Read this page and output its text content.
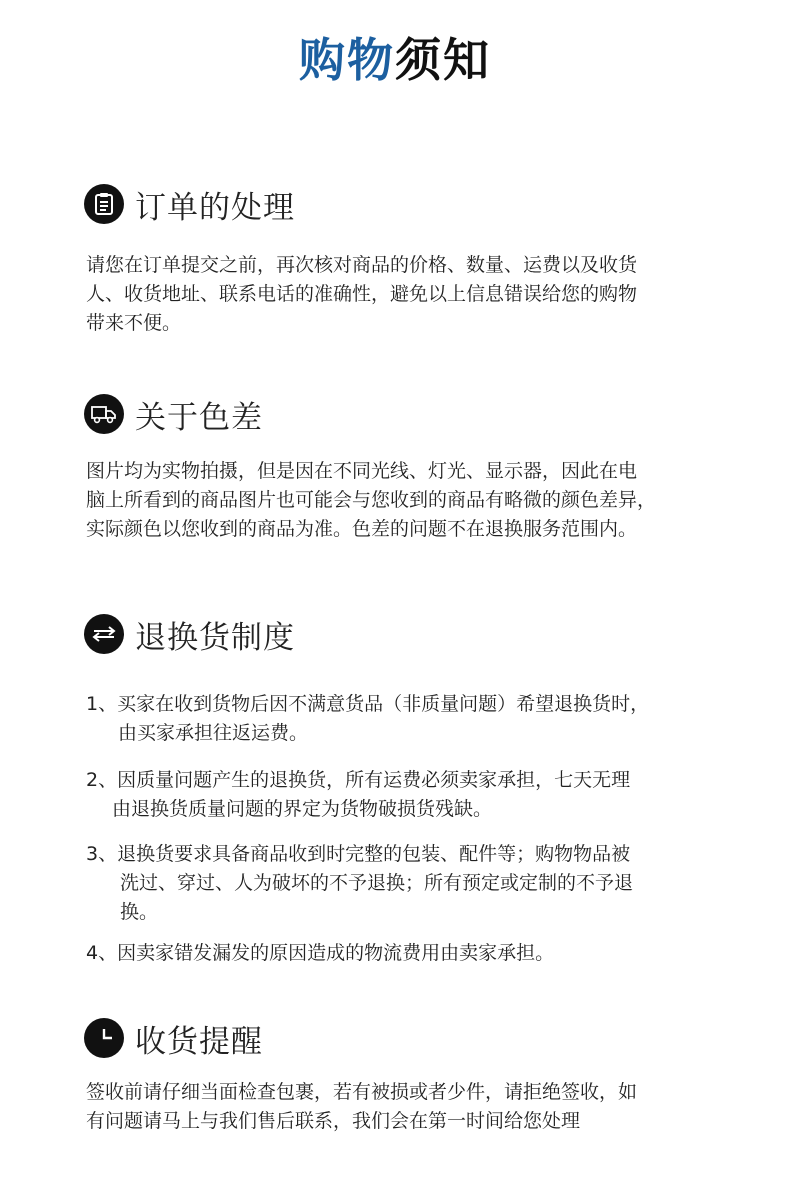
购物须知
订单的处理
请您在订单提交之前，再次核对商品的价格、数量、运费以及收货
人、收货地址、联系电话的准确性，避免以上信息错误给您的购物
带来不便。
关于色差
图片均为实物拍摄，但是因在不同光线、灯光、显示器，因此在电
脑上所看到的商品图片也可能会与您收到的商品有略微的颜色差异，
实际颜色以您收到的商品为准。色差的问题不在退换服务范围内。
退换货制度
1、买家在收到货物后因不满意货品（非质量问题）希望退换货时，
由买家承担往返运费。
2、因质量问题产生的退换货，所有运费必须卖家承担，七天无理
由退换货质量问题的界定为货物破损货残缺。
3、退换货要求具备商品收到时完整的包装、配件等；购物物品被
洗过、穿过、人为破坏的不予退换；所有预定或定制的不予退
换。
4、因卖家错发漏发的原因造成的物流费用由卖家承担。
收货提醒
签收前请仔细当面检查包裹，若有被损或者少件，请拒绝签收，如
有问题请马上与我们售后联系，我们会在第一时间给您处理
